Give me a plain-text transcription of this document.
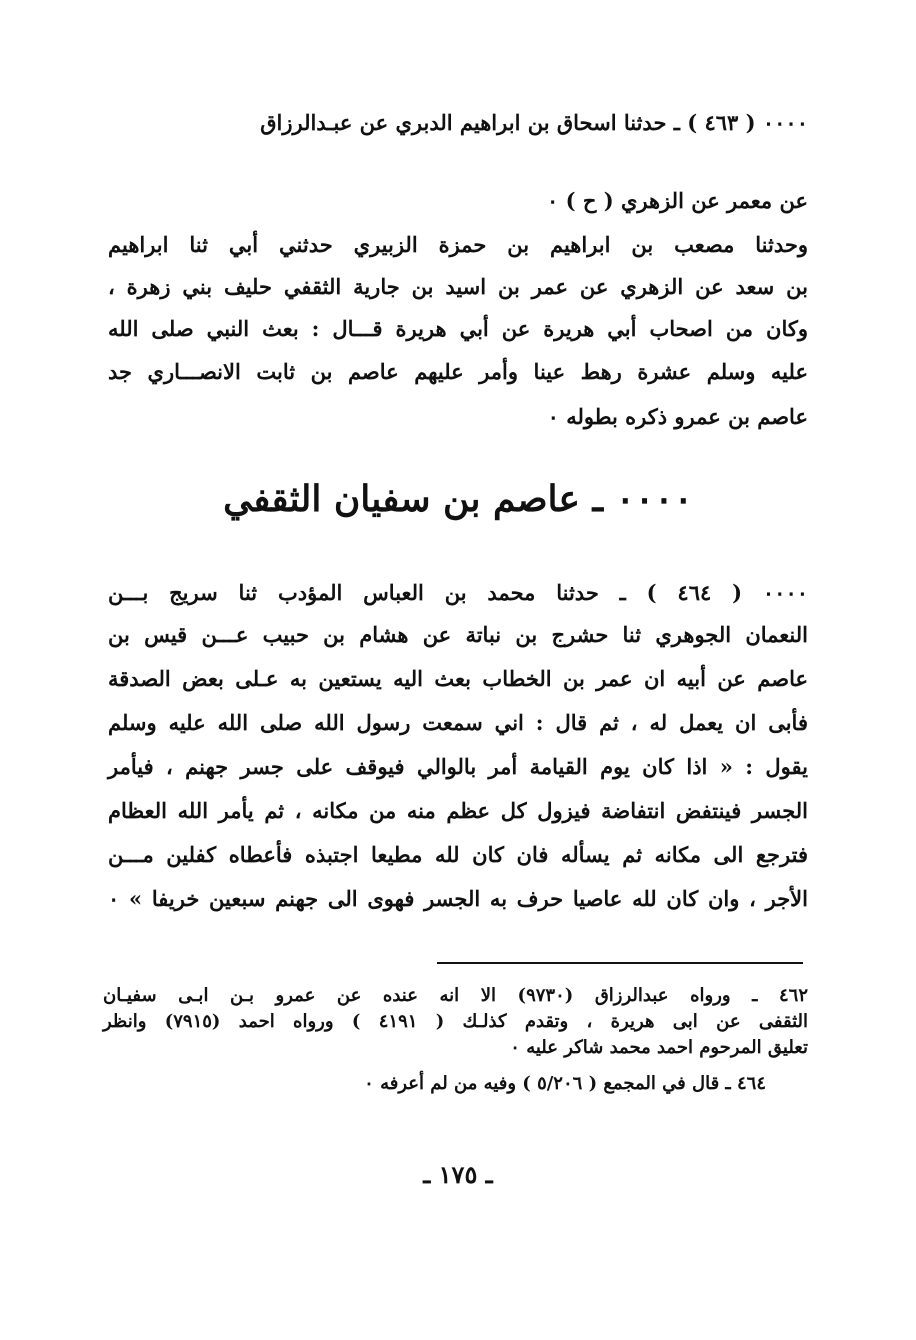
٠٠٠٠ ( ٤٦٣ ) ـ حدثنا اسحاق بن ابراهيم الدبري عن عبـدالرزاق
عن معمر عن الزهري ( ح ) ٠
وحدثنا مصعب بن ابراهيم بن حمزة الزبيري حدثني أبي ثنا ابراهيم
بن سعد عن الزهري عن عمر بن اسيد بن جارية الثقفي حليف بني زهرة ،
وكان من اصحاب أبي هريرة عن أبي هريرة قـــال : بعث النبي صلى الله
عليه وسلم عشرة رهط عينا وأمر عليهم عاصم بن ثابت الانصـــاري جد
عاصم بن عمرو ذكره بطوله ٠
٠٠٠٠ ـ عاصم بن سفيان الثقفي
٠٠٠٠ ( ٤٦٤ ) ـ حدثنا محمد بن العباس المؤدب ثنا سريج بـــن
النعمان الجوهري ثنا حشرج بن نباتة عن هشام بن حبيب عـــن قيس بن
عاصم عن أبيه ان عمر بن الخطاب بعث اليه يستعين به عـلى بعض الصدقة
فأبى ان يعمل له ، ثم قال : اني سمعت رسول الله صلى الله عليه وسلم
يقول : « اذا كان يوم القيامة أمر بالوالي فيوقف على جسر جهنم ، فيأمر
الجسر فينتفض انتفاضة فيزول كل عظم منه من مكانه ، ثم يأمر الله العظام
فترجع الى مكانه ثم يسأله فان كان لله مطيعا اجتبذه فأعطاه كفلين مـــن
الأجر ، وان كان لله عاصيا حرف به الجسر فهوى الى جهنم سبعين خريفا » ٠
٤٦٢ ـ ورواه عبدالرزاق (٩٧٣٠) الا انه عنده عن عمرو بـن ابـى سفيـان
الثقفى عن ابى هريرة ، وتقدم كذلـك ( ٤١٩١ ) ورواه احمد (٧٩١٥) وانظر
تعليق المرحوم احمد محمد شاكر عليه ٠
٤٦٤ ـ قال في المجمع ( ٥/٢٠٦ ) وفيه من لم أعرفه ٠
ـ ١٧٥ ـ
